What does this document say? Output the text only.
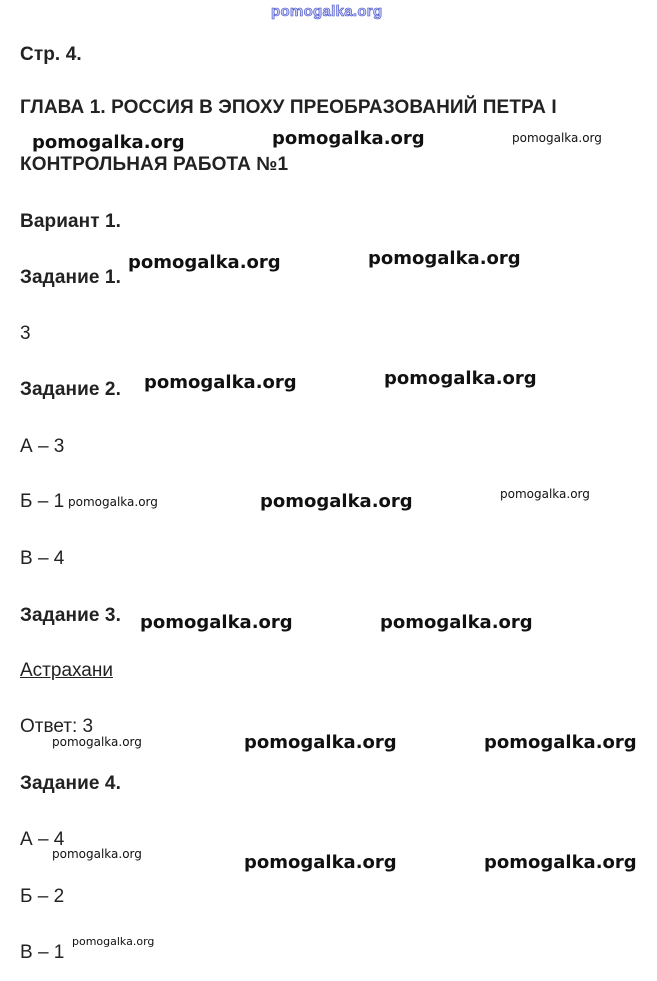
pomogalka.org
Стр. 4.
ГЛАВА 1. РОССИЯ В ЭПОХУ ПРЕОБРАЗОВАНИЙ ПЕТРА I
КОНТРОЛЬНАЯ РАБОТА №1
Вариант 1.
Задание 1.
3
Задание 2.
А – 3
Б – 1
В – 4
Задание 3.
Астрахани
Ответ: 3
Задание 4.
А – 4
Б – 2
В – 1
pomogalka.org	pomogalka.org	pomogalka.org
pomogalka.org	pomogalka.org
pomogalka.org	pomogalka.org
pomogalka.org	pomogalka.org	pomogalka.org
pomogalka.org	pomogalka.org
pomogalka.org	pomogalka.org	pomogalka.org
pomogalka.org	pomogalka.org	pomogalka.org
pomogalka.org
